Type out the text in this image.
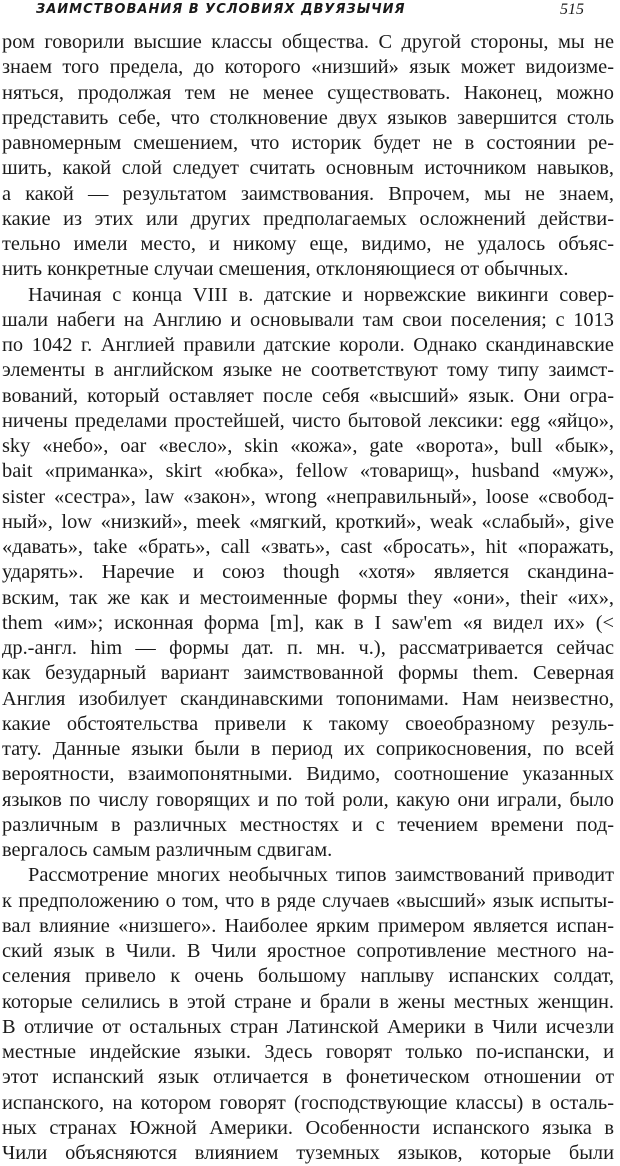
ЗАИМСТВОВАНИЯ В УСЛОВИЯХ ДВУЯЗЫЧИЯ	515
ром говорили высшие классы общества. С другой стороны, мы не
знаем того предела, до которого «низший» язык может видоизме-
няться, продолжая тем не менее существовать. Наконец, можно
представить себе, что столкновение двух языков завершится столь
равномерным смешением, что историк будет не в состоянии ре-
шить, какой слой следует считать основным источником навыков,
а какой — результатом заимствования. Впрочем, мы не знаем,
какие из этих или других предполагаемых осложнений действи-
тельно имели место, и никому еще, видимо, не удалось объяс-
нить конкретные случаи смешения, отклоняющиеся от обычных.
Начиная с конца VIII в. датские и норвежские викинги совер-
шали набеги на Англию и основывали там свои поселения; с 1013
по 1042 г. Англией правили датские короли. Однако скандинавские
элементы в английском языке не соответствуют тому типу заимст-
вований, который оставляет после себя «высший» язык. Они огра-
ничены пределами простейшей, чисто бытовой лексики: egg «яйцо»,
sky «небо», oar «весло», skin «кожа», gate «ворота», bull «бык»,
bait «приманка», skirt «юбка», fellow «товарищ», husband «муж»,
sister «сестра», law «закон», wrong «неправильный», loose «свобод-
ный», low «низкий», meek «мягкий, кроткий», weak «слабый», give
«давать», take «брать», call «звать», cast «бросать», hit «поражать,
ударять». Наречие и союз though «хотя» является скандина-
вским, так же как и местоименные формы they «они», their «их»,
them «им»; исконная форма [m], как в I saw'em «я видел их» (<
др.-англ. him — формы дат. п. мн. ч.), рассматривается сейчас
как безударный вариант заимствованной формы them. Северная
Англия изобилует скандинавскими топонимами. Нам неизвестно,
какие обстоятельства привели к такому своеобразному резуль-
тату. Данные языки были в период их соприкосновения, по всей
вероятности, взаимопонятными. Видимо, соотношение указанных
языков по числу говорящих и по той роли, какую они играли, было
различным в различных местностях и с течением времени под-
вергалось самым различным сдвигам.
Рассмотрение многих необычных типов заимствований приводит
к предположению о том, что в ряде случаев «высший» язык испыты-
вал влияние «низшего». Наиболее ярким примером является испан-
ский язык в Чили. В Чили яростное сопротивление местного на-
селения привело к очень большому наплыву испанских солдат,
которые селились в этой стране и брали в жены местных женщин.
В отличие от остальных стран Латинской Америки в Чили исчезли
местные индейские языки. Здесь говорят только по-испански, и
этот испанский язык отличается в фонетическом отношении от
испанского, на котором говорят (господствующие классы) в осталь-
ных странах Южной Америки. Особенности испанского языка в
Чили объясняются влиянием туземных языков, которые были
